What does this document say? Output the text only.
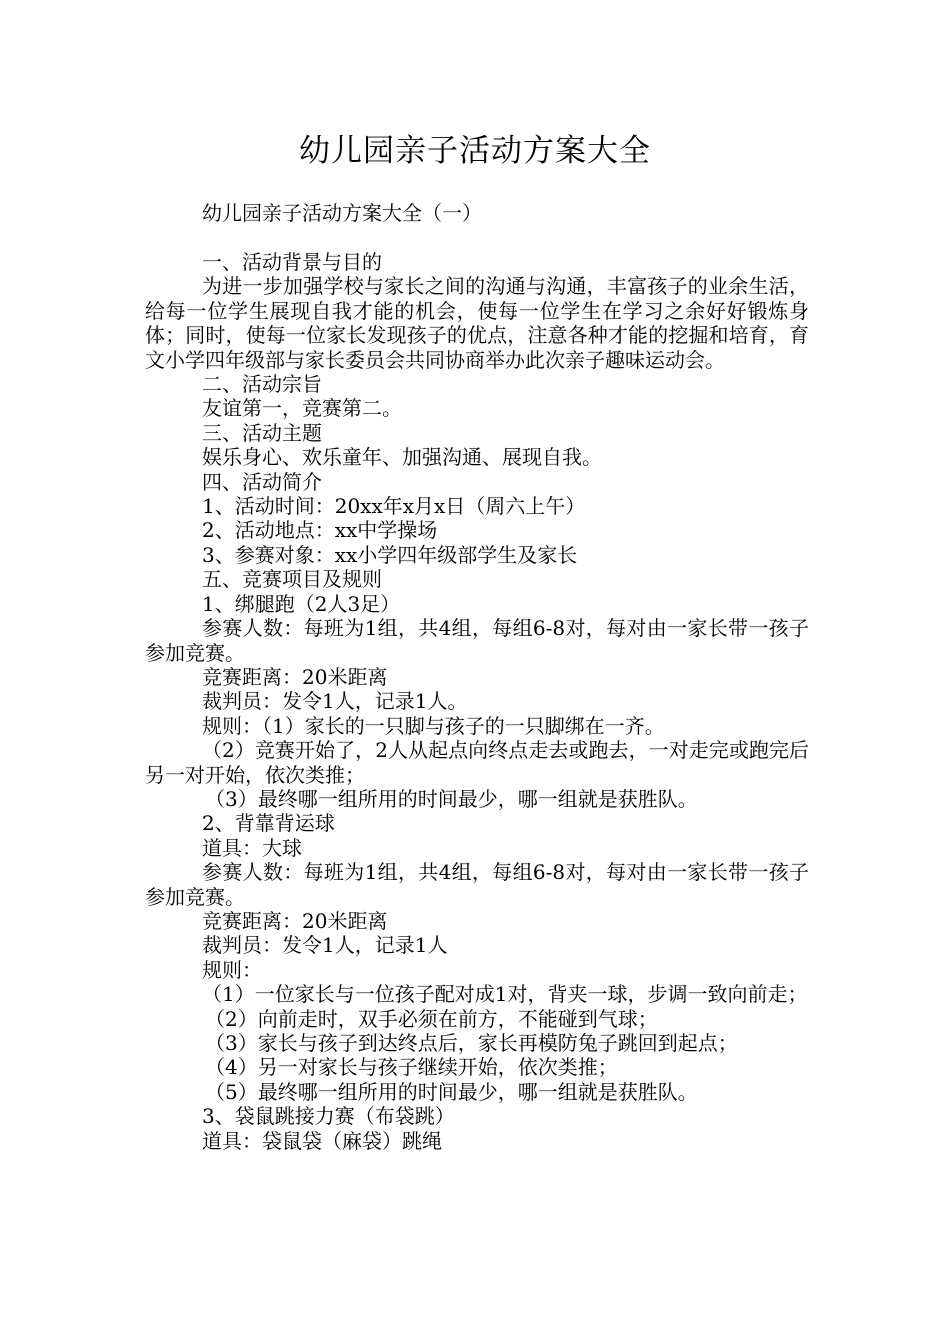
幼儿园亲子活动方案大全
幼儿园亲子活动方案大全（一）

一、活动背景与目的

为进一步加强学校与家长之间的沟通与沟通，丰富孩子的业余生活，给每一位学生展现自我才能的机会，使每一位学生在学习之余好好锻炼身体；同时，使每一位家长发现孩子的优点，注意各种才能的挖掘和培育，育文小学四年级部与家长委员会共同协商举办此次亲子趣味运动会。

二、活动宗旨

友谊第一，竞赛第二。

三、活动主题

娱乐身心、欢乐童年、加强沟通、展现自我。

四、活动简介

1、活动时间：20xx年x月x日（周六上午）

2、活动地点：xx中学操场

3、参赛对象：xx小学四年级部学生及家长

五、竞赛项目及规则

1、绑腿跑（2人3足）

参赛人数：每班为1组，共4组，每组6-8对，每对由一家长带一孩子参加竞赛。

竞赛距离：20米距离

裁判员：发令1人，记录1人。

规则：（1）家长的一只脚与孩子的一只脚绑在一齐。

（2）竞赛开始了，2人从起点向终点走去或跑去，一对走完或跑完后另一对开始，依次类推；

（3）最终哪一组所用的时间最少，哪一组就是获胜队。

2、背靠背运球

道具：大球

参赛人数：每班为1组，共4组，每组6-8对，每对由一家长带一孩子参加竞赛。

竞赛距离：20米距离

裁判员：发令1人，记录1人

规则：

（1）一位家长与一位孩子配对成1对，背夹一球，步调一致向前走；

（2）向前走时，双手必须在前方，不能碰到气球；

（3）家长与孩子到达终点后，家长再模防兔子跳回到起点；

（4）另一对家长与孩子继续开始，依次类推；

（5）最终哪一组所用的时间最少，哪一组就是获胜队。

3、袋鼠跳接力赛（布袋跳）

道具：袋鼠袋（麻袋）跳绳
